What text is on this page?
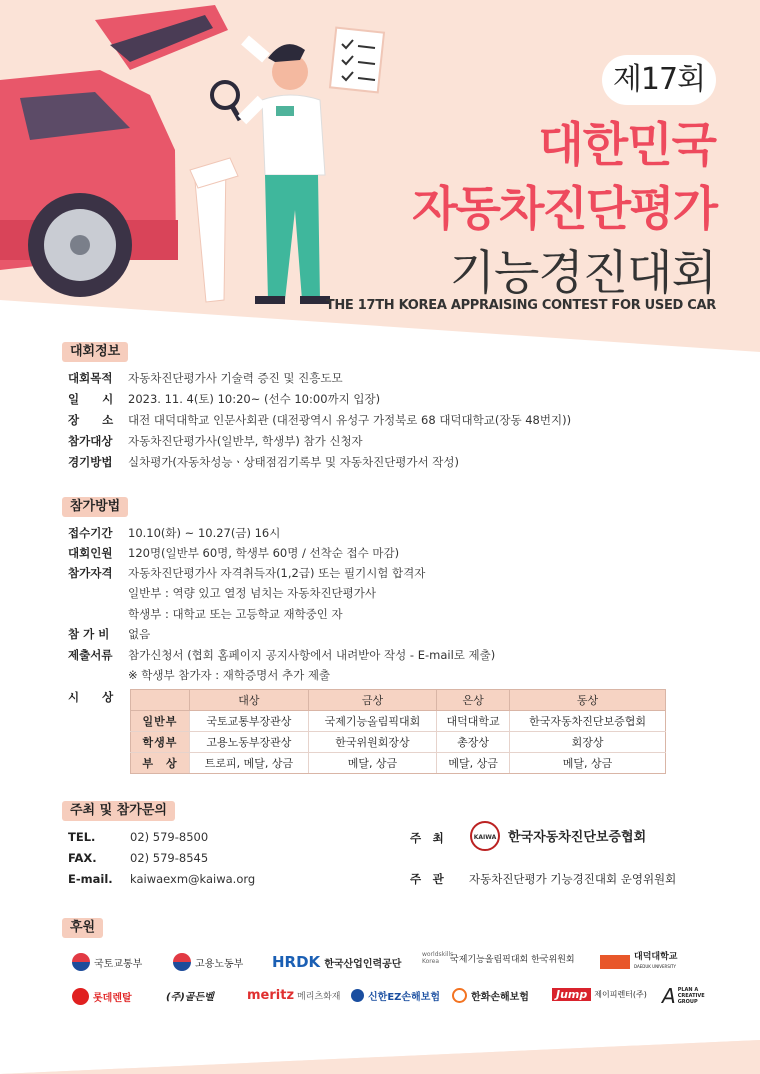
제17회
대한민국
자동차진단평가
기능경진대회
THE 17TH KOREA APPRAISING CONTEST FOR USED CAR
대회정보
대회목적 자동차진단평가사 기술력 증진 및 진흥도모
일　　시 2023. 11. 4(토) 10:20~ (선수 10:00까지 입장)
장　　소 대전 대덕대학교 인문사회관 (대전광역시 유성구 가정북로 68 대덕대학교(장동 48번지))
참가대상 자동차진단평가사(일반부, 학생부) 참가 신청자
경기방법 실차평가(자동차성능ㆍ상태점검기록부 및 자동차진단평가서 작성)
참가방법
접수기간 10.10(화) ~ 10.27(금) 16시
대회인원 120명(일반부 60명, 학생부 60명 / 선착순 접수 마감)
참가자격 자동차진단평가사 자격취득자(1,2급) 또는 필기시험 합격자
일반부 : 역량 있고 열정 넘치는 자동차진단평가사
학생부 : 대학교 또는 고등학교 재학중인 자
참 가 비 없음
제출서류 참가신청서 (협회 홈페이지 공지사항에서 내려받아 작성 - E-mail로 제출)
※ 학생부 참가자 : 재학증명서 추가 제출
시　　상
		대상	금상	은상	동상
일반부	국토교통부장관상	국제기능올림픽대회	대덕대학교	한국자동차진단보증협회
학생부	고용노동부장관상	한국위원회장상	총장상	회장상
부　상	트로피, 메달, 상금	메달, 상금	메달, 상금	메달, 상금
주최 및 참가문의
TEL.	02) 579-8500
FAX.	02) 579-8545
E-mail. kaiwaexm@kaiwa.org
주　최	KAIWA 한국자동차진단보증협회
주　관 자동차진단평가 기능경진대회 운영위원회
후원
국토교통부	고용노동부 HRDK 한국산업인력공단
worldskills Korea	국제기능올림픽대회 한국위원회	대덕대학교
DAEDUK UNIVERSITY
롯데렌탈	(주)골든벨	meritz 메리츠화재	신한EZ손해보험	한화손해보험	Jump 제이피렌터(주) A PLAN A CREATIVE GROUP
